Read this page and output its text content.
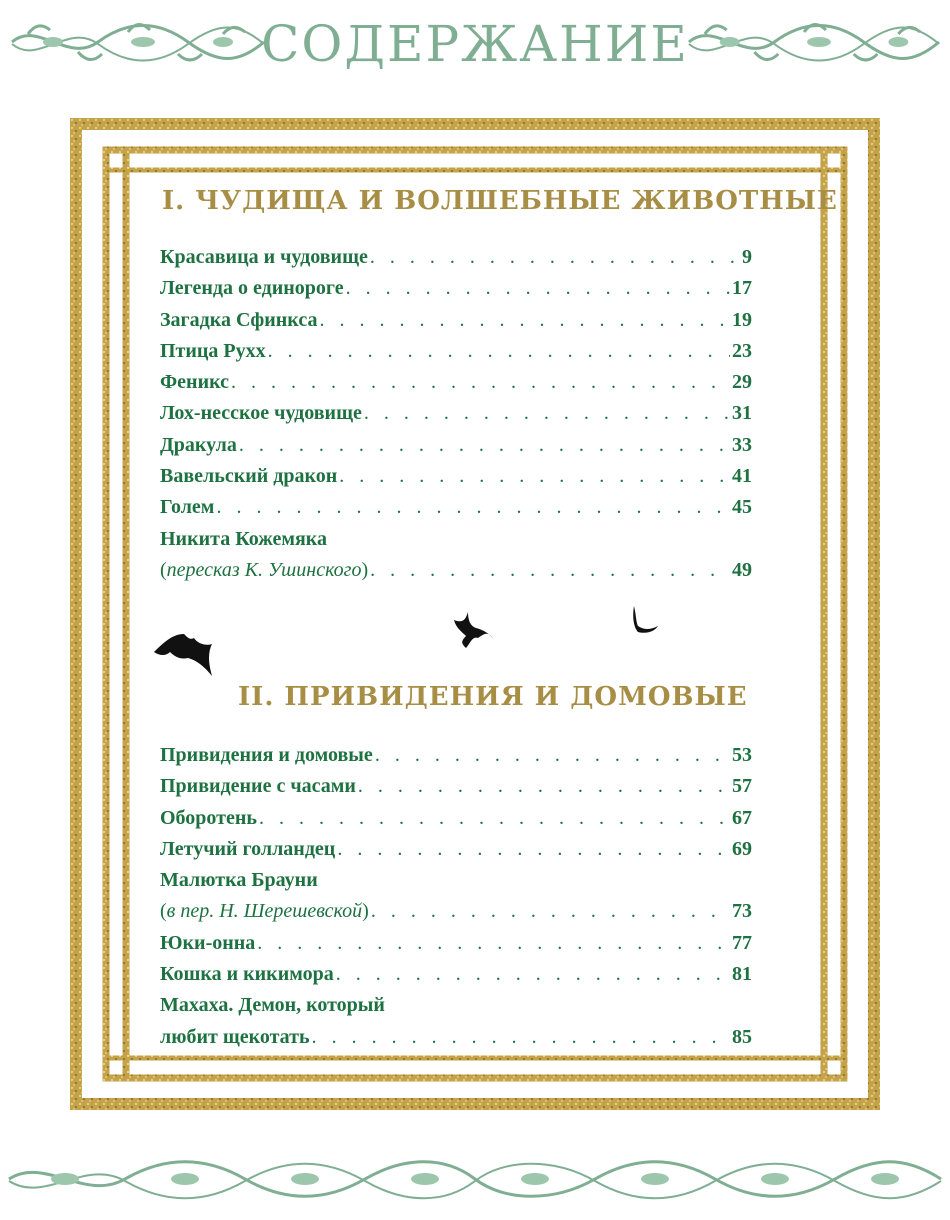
СОДЕРЖАНИЕ
I. ЧУДИЩА И ВОЛШЕБНЫЕ ЖИВОТНЫЕ
Красавица и чудовище . . .	9
Легенда о единороге . . .	17
Загадка Сфинкса . . .	19
Птица Рухх . . .	23
Феникс . . .	29
Лох-несское чудовище . . .	31
Дракула . . .	33
Вавельский дракон . . .	41
Голем . . .	45
Никита Кожемяка
(пересказ К. Ушинского) . . .	49
II. ПРИВИДЕНИЯ И ДОМОВЫЕ
Привидения и домовые . . .	53
Привидение с часами . . .	57
Оборотень . . .	67
Летучий голландец . . .	69
Малютка Брауни
(в пер. Н. Шерешевской) . . .	73
Юки-онна . . .	77
Кошка и кикимора . . .	81
Махаха. Демон, который
любит щекотать . . .	85
